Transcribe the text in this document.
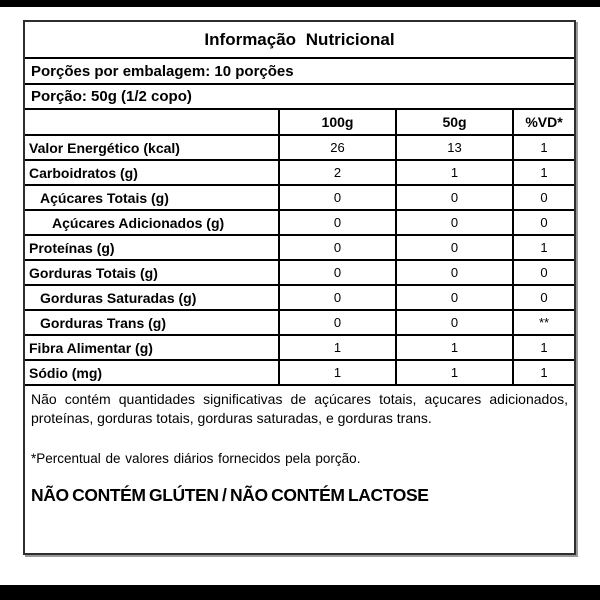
Informação Nutricional
Porções por embalagem: 10 porções
Porção: 50g (1/2 copo)
100g	50g	%VD*
Valor Energético (kcal)	26	13	1
Carboidratos (g)	2	1	1
Açúcares Totais (g)	0	0	0
Açúcares Adicionados (g)	0	0	0
Proteínas (g)	0	0	1
Gorduras Totais (g)	0	0	0
Gorduras Saturadas (g)	0	0	0
Gorduras Trans (g)	0	0	**
Fibra Alimentar (g)	1	1	1
Sódio (mg)	1	1	1
Não contém quantidades significativas de açúcares totais, açucares adicionados, proteínas, gorduras totais, gorduras saturadas, e gorduras trans.
*Percentual de valores diários fornecidos pela porção.
NÃO CONTÉM GLÚTEN / NÃO CONTÉM LACTOSE
